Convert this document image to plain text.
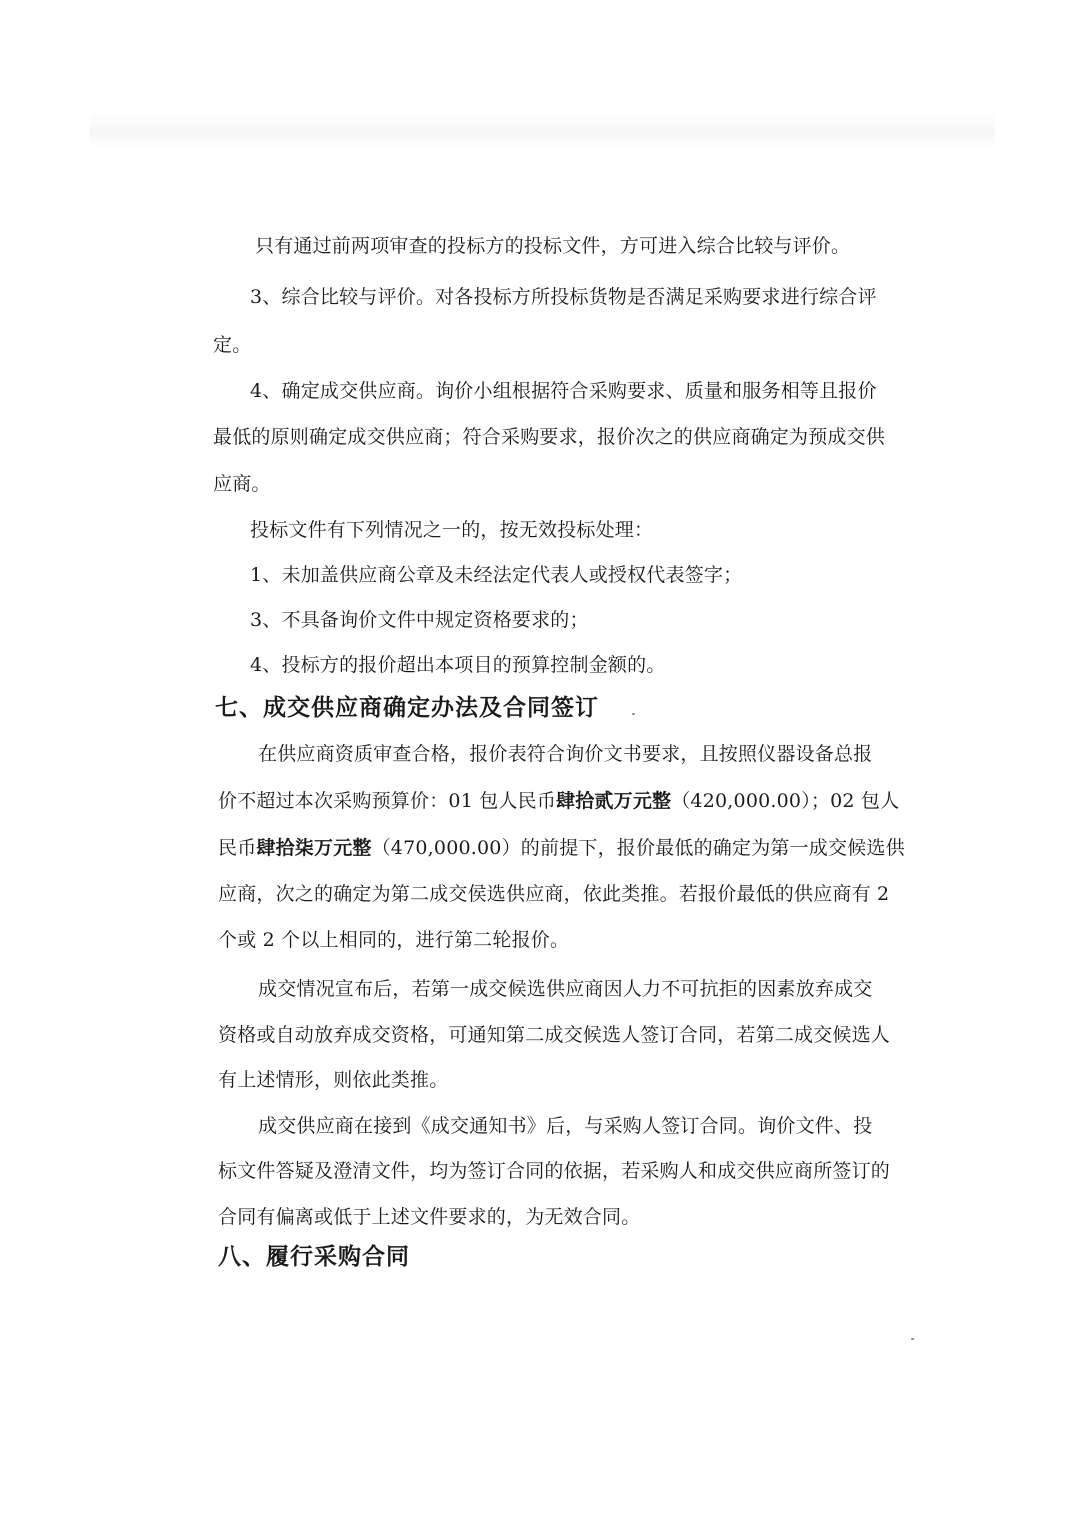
只有通过前两项审查的投标方的投标文件，方可进入综合比较与评价。
3、综合比较与评价。对各投标方所投标货物是否满足采购要求进行综合评
定。
4、确定成交供应商。询价小组根据符合采购要求、质量和服务相等且报价
最低的原则确定成交供应商；符合采购要求，报价次之的供应商确定为预成交供
应商。
投标文件有下列情况之一的，按无效投标处理：
1、未加盖供应商公章及未经法定代表人或授权代表签字；
3、不具备询价文件中规定资格要求的；
4、投标方的报价超出本项目的预算控制金额的。
七、成交供应商确定办法及合同签订
在供应商资质审查合格，报价表符合询价文书要求，且按照仪器设备总报
价不超过本次采购预算价：01 包人民币肆拾贰万元整（420,000.00）；02 包人
民币肆拾柒万元整（470,000.00）的前提下，报价最低的确定为第一成交候选供
应商，次之的确定为第二成交侯选供应商，依此类推。若报价最低的供应商有 2
个或 2 个以上相同的，进行第二轮报价。
成交情况宣布后，若第一成交候选供应商因人力不可抗拒的因素放弃成交
资格或自动放弃成交资格，可通知第二成交候选人签订合同，若第二成交候选人
有上述情形，则依此类推。
成交供应商在接到《成交通知书》后，与采购人签订合同。询价文件、投
标文件答疑及澄清文件，均为签订合同的依据，若采购人和成交供应商所签订的
合同有偏离或低于上述文件要求的，为无效合同。
八、履行采购合同
